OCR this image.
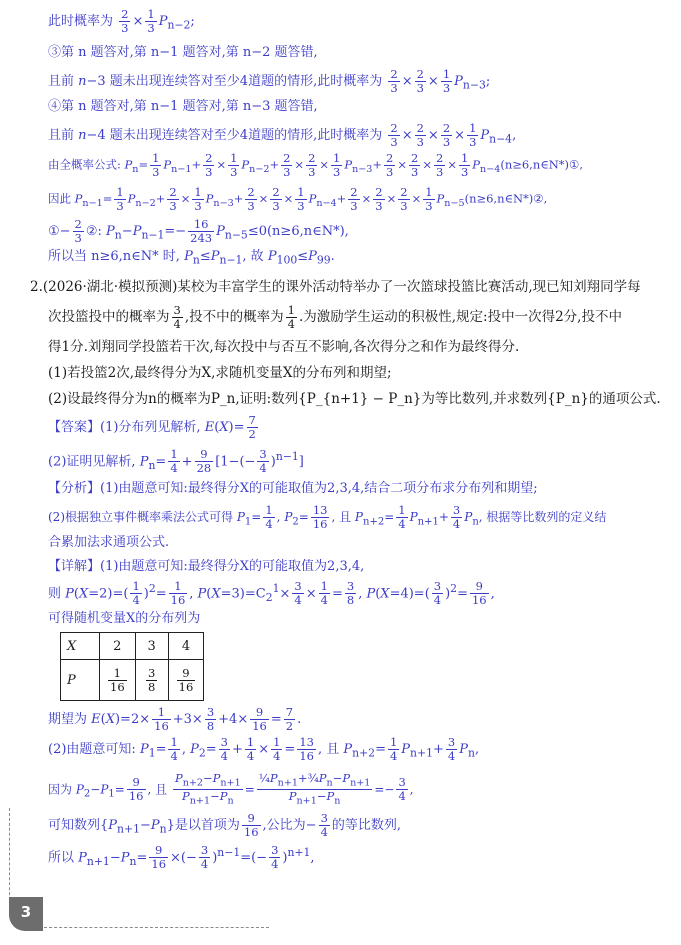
此时概率为 $\frac{2}{3} \times \frac{1}{3} P_{n-2}$;
③第 n 题答对,第 n−1 题答对,第 n−2 题答错,
且前 n−3 题未出现连续答对至少4道题的情形,此时概率为 $\frac{2}{3} \times \frac{2}{3} \times \frac{1}{3} P_{n-3}$;
④第 n 题答对,第 n−1 题答对,第 n−3 题答错,
且前 n−4 题未出现连续答对至少4道题的情形,此时概率为 $\frac{2}{3} \times \frac{2}{3} \times \frac{2}{3} \times \frac{1}{3} P_{n-4}$,
由全概率公式: $P_n= \frac{1}{3} P_{n-1}+ \frac{2}{3} \times \frac{1}{3} P_{n-2}+ \frac{2}{3} \times \frac{2}{3} \times \frac{1}{3} P_{n-3}+ \frac{2}{3} \times \frac{2}{3} \times \frac{2}{3} \times \frac{1}{3}$ $P_{n-4}(n\ge 6,n\in N*)①$,
因此 $P_{n-1}= \frac{1}{3} P_{n-2}+ \frac{2}{3} \times \frac{1}{3} P_{n-3}+ \frac{2}{3} \times \frac{2}{3} \times \frac{1}{3} P_{n-4}+ \frac{2}{3} \times \frac{2}{3} \times \frac{2}{3} \times \frac{1}{3}$ $P_{n-5}(n\ge 6,n\in N*)②$,
①− $\frac{2}{3}$ ②: $P_n-P_{n-1}=- \frac{16}{243}$ $P_{n-5}\le 0(n\ge 6,n\in N*)$,
所以当 n≥6,n∈N* 时, $P_n\le P_{n-1}$, 故 $P_{100}\le P_{99}$.
2.(2026·湖北·模拟预测)某校为丰富学生的课外活动特举办了一次篮球投篮比赛活动,现已知刘翔同学每
次投篮投中的概率为 $\frac{3}{4}$ ,投不中的概率为 $\frac{1}{4}$ .为激励学生运动的积极性,规定:投中一次得2分,投不中
得1分.刘翔同学投篮若干次,每次投中与否互不影响,各次得分之和作为最终得分.
(1)若投篮2次,最终得分为X,求随机变量X的分布列和期望;
(2)设最终得分为n的概率为P_n,证明:数列{P_{n+1} − P_n}为等比数列,并求数列{P_n}的通项公式.
【答案】(1)分布列见解析, $E(X)= \frac{7}{2}$
(2)证明见解析, $P_n= \frac{1}{4} + \frac{9}{28} [1-(- \frac{3}{4} )^{n-1}]$
【分析】(1)由题意可知:最终得分X的可能取值为2,3,4,结合二项分布求分布列和期望;
(2)根据独立事件概率乘法公式可得 $P_1= \frac{1}{4}$ , $P_2= \frac{13}{16}$ , 且 $P_{n+2}= \frac{1}{4} P_{n+1}+ \frac{3}{4} P_n$, 根据等比数列的定义结
合累加法求通项公式.
【详解】(1)由题意可知:最终得分X的可能取值为2,3,4,
则 $P(X=2)=( \frac{1}{4} )^2= \frac{1}{16}$ , $P(X=3)=C_2^1\times \frac{3}{4} \times \frac{1}{4} = \frac{3}{8}$ , $P(X=4)=( \frac{3}{4} )^2= \frac{9}{16}$ ,
可得随机变量X的分布列为
X	2	3	4
P	$\frac{1}{16}$	$\frac{3}{8}$	$\frac{9}{16}$
期望为 $E(X)=2\times \frac{1}{16} +3\times \frac{3}{8} +4\times \frac{9}{16} = \frac{7}{2}$ .
(2)由题意可知: $P_1= \frac{1}{4}$ , $P_2= \frac{3}{4} + \frac{1}{4} \times \frac{1}{4} = \frac{13}{16}$ , 且 $P_{n+2}= \frac{1}{4} P_{n+1}+ \frac{3}{4} P_n$,
因为 $P_2-P_1= \frac{9}{16}$ , 且 $\frac{P_{n+2}-P_{n+1}}{P_{n+1}-P_n} = \frac{\frac{1}{4}P_{n+1}+\frac{3}{4}P_n-P_{n+1}}{P_{n+1}-P_n} =- \frac{3}{4}$ ,
可知数列$\{P_{n+1}-P_n\}$是以首项为 $\frac{9}{16}$ ,公比为− $\frac{3}{4}$ 的等比数列,
所以 $P_{n+1}-P_n= \frac{9}{16}$ ×(− $\frac{3}{4} )^{n-1}=(- \frac{3}{4} )^{n+1}$,
3
